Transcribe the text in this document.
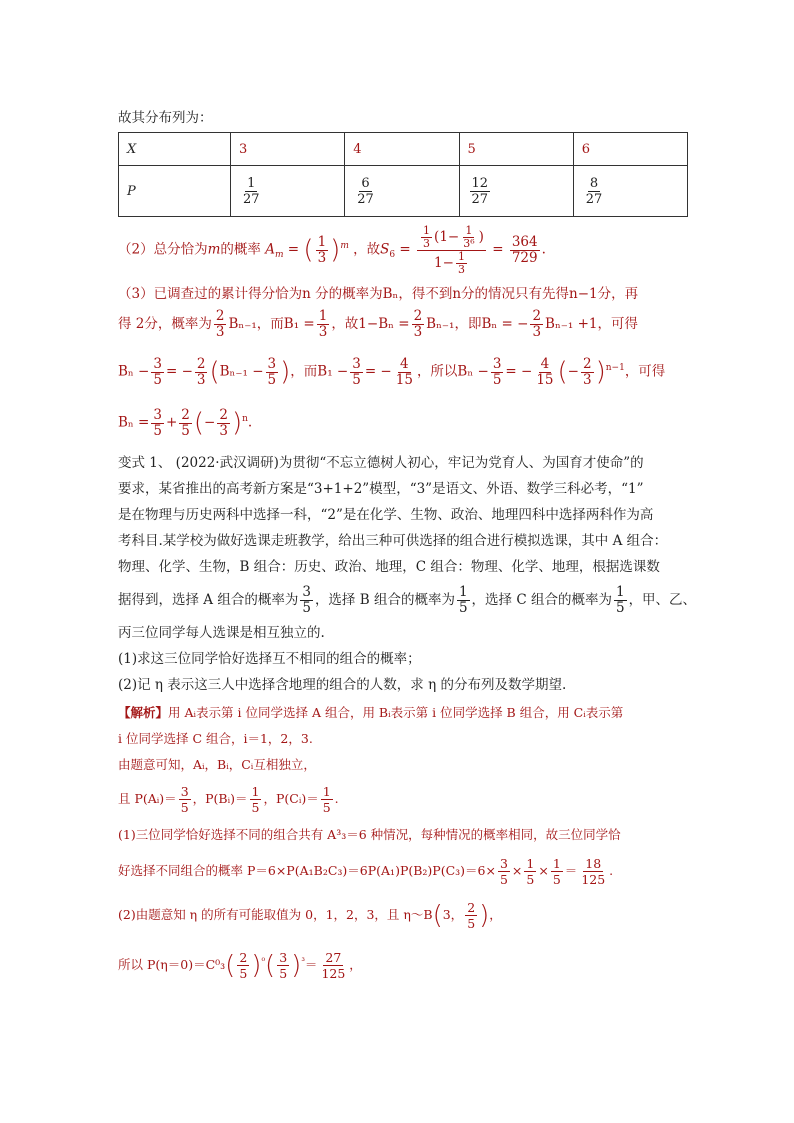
故其分布列为：

X	3	4	5	6
P	$\frac{1}{27}$	$\frac{6}{27}$	$\frac{12}{27}$	$\frac{8}{27}$
（2）总分恰为m的概率 $A_m$ = ( $\frac{1}{3} )^m$ ，故$S_6 = \frac{\frac{1}{3} (1- \frac{1}{\text{3⁶}} )}{1- \frac{1}{3}} = \frac{364}{729}$ .

（3）已调查过的累计得分恰为n 分的概率为Bₙ，得不到n分的情况只有先得n−1分，再

得 2分，概率为 $\frac{2}{3} B_{n-1}$，而$B_1 = \frac{1}{3}$ ，故$1-B_n = \frac{2}{3} B_{n-1}$，即Bₙ = − $\frac{2}{3} B_{n-1} +1$，可得
$B_n - \frac{3}{5}$ = − $\frac{2}{3} (B_{n-1} - \frac{3}{5}$ )，而$B_1 - \frac{3}{5}$ = − $\frac{4}{15}$ ，所以$B_n - \frac{3}{5}$ = − $\frac{4}{15}$ (− $\frac{2}{3} )^{n-1}$，可得
$B_n = \frac{3}{5} + \frac{2}{5}$ (− $\frac{2}{3} )^n$.

变式 1、 (2022·武汉调研)为贯彻“不忘立德树人初心，牢记为党育人、为国育才使命”的

要求，某省推出的高考新方案是“3+1+2”模型，“3”是语文、外语、数学三科必考，“1”

是在物理与历史两科中选择一科，“2”是在化学、生物、政治、地理四科中选择两科作为高

考科目.某学校为做好选课走班教学，给出三种可供选择的组合进行模拟选课，其中 A 组合：

物理、化学、生物，B 组合：历史、政治、地理，C 组合：物理、化学、地理，根据选课数

据得到，选择 A 组合的概率为 $\frac{3}{5}$ ，选择 B 组合的概率为 $\frac{1}{5}$ ，选择 C 组合的概率为 $\frac{1}{5}$ ，甲、乙、

丙三位同学每人选课是相互独立的.

(1)求这三位同学恰好选择互不相同的组合的概率；

(2)记 η 表示这三人中选择含地理的组合的人数，求 η 的分布列及数学期望.

【解析】用 Aᵢ表示第 i 位同学选择 A 组合，用 Bᵢ表示第 i 位同学选择 B 组合，用 Cᵢ表示第

i 位同学选择 C 组合，i＝1，2，3.

由题意可知，Aᵢ，Bᵢ，Cᵢ互相独立，

且 P(Aᵢ)＝ $\frac{3}{5}$ ，P(Bᵢ)＝ $\frac{1}{5}$ ，P(Cᵢ)＝ $\frac{1}{5}$ .

(1)三位同学恰好选择不同的组合共有 A³₃＝6 种情况，每种情况的概率相同，故三位同学恰

好选择不同组合的概率 $P=6\times P(A_1B_2C_3)=6P(A_1)P(B_2)P(C_3)=6\times \frac{3}{5} \times \frac{1}{5} \times \frac{1}{5} = \frac{18}{125}$ .
(2)由题意知 η 的所有可能取值为 0，1，2，3，且 η～B(3， $\frac{2}{5}$ )，
所以 $P(\eta=0)=C^0_3( \frac{2}{5} )^{^0}( \frac{3}{5} )^{^3}= \frac{27}{125}$ ，
